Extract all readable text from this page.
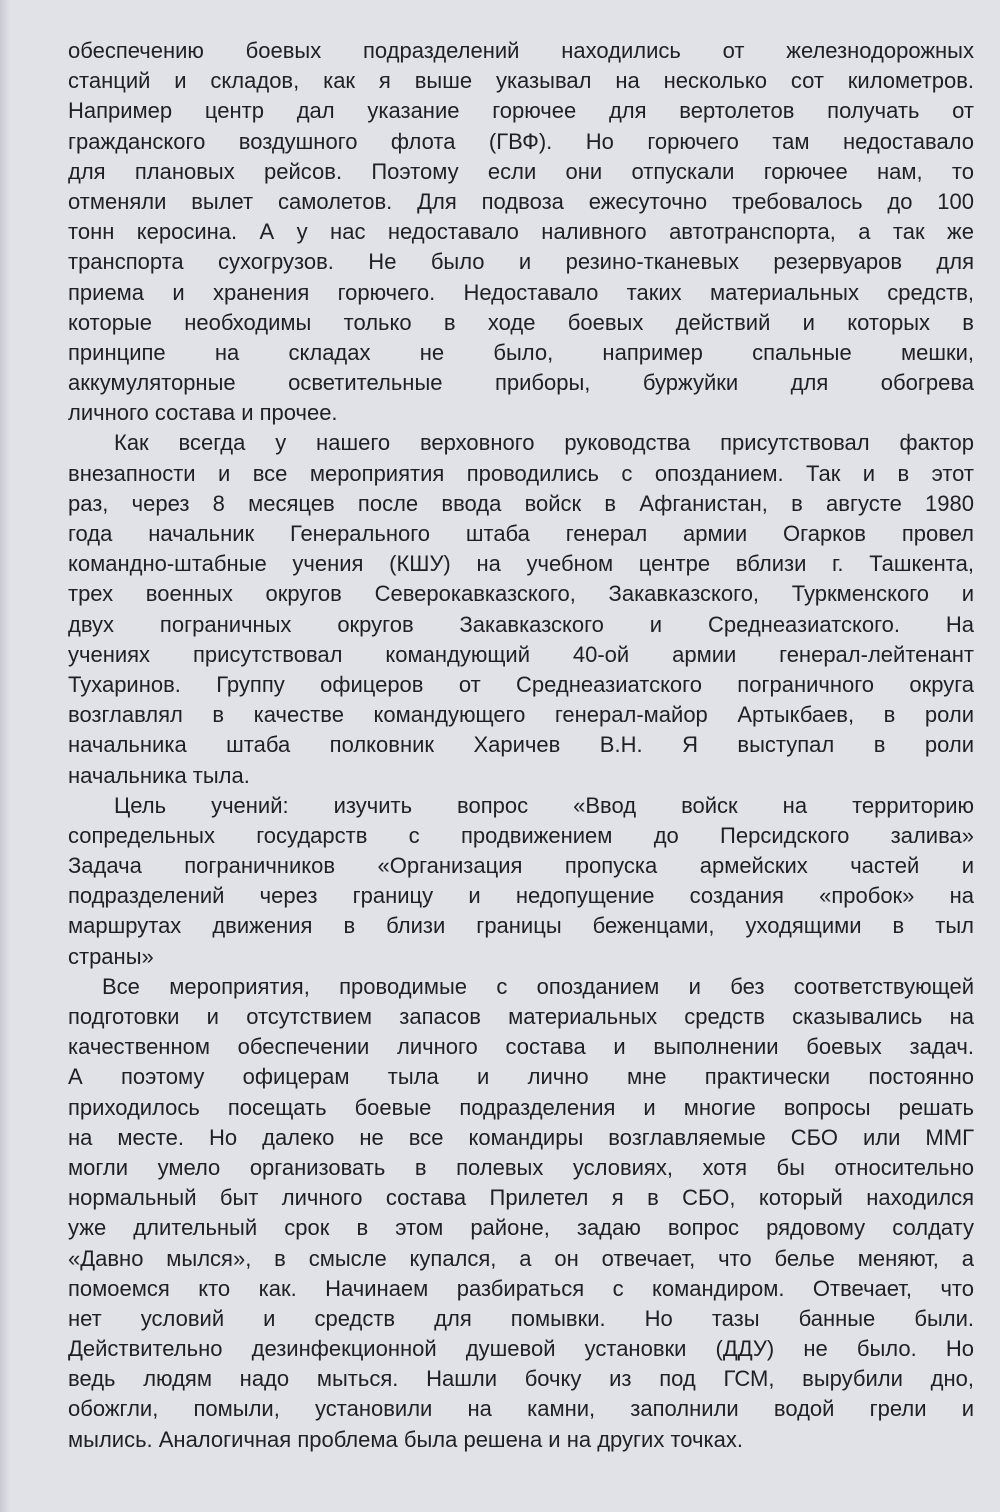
обеспечению боевых подразделений находились от железнодорожных
станций и складов, как я выше указывал на несколько сот километров.
Например центр дал указание горючее для вертолетов получать от
гражданского воздушного флота (ГВФ). Но горючего там недоставало
для плановых рейсов. Поэтому если они отпускали горючее нам, то
отменяли вылет самолетов. Для подвоза ежесуточно требовалось до 100
тонн керосина. А у нас недоставало наливного автотранспорта, а так же
транспорта сухогрузов. Не было и резино-тканевых резервуаров для
приема и хранения горючего. Недоставало таких материальных средств,
которые необходимы только в ходе боевых действий и которых в
принципе на складах не было, например спальные мешки,
аккумуляторные осветительные приборы, буржуйки для обогрева
личного состава и прочее.
Как всегда у нашего верховного руководства присутствовал фактор
внезапности и все мероприятия проводились с опозданием. Так и в этот
раз, через 8 месяцев после ввода войск в Афганистан, в августе 1980
года начальник Генерального штаба генерал армии Огарков провел
командно-штабные учения (КШУ) на учебном центре вблизи г. Ташкента,
трех военных округов Северокавказского, Закавказского, Туркменского и
двух пограничных округов Закавказского и Среднеазиатского. На
учениях присутствовал командующий 40-ой армии генерал-лейтенант
Тухаринов. Группу офицеров от Среднеазиатского пограничного округа
возглавлял в качестве командующего генерал-майор Артыкбаев, в роли
начальника штаба полковник Харичев В.Н. Я выступал в роли
начальника тыла.
Цель учений: изучить вопрос «Ввод войск на территорию
сопредельных государств с продвижением до Персидского залива»
Задача пограничников «Организация пропуска армейских частей и
подразделений через границу и недопущение создания «пробок» на
маршрутах движения в близи границы беженцами, уходящими в тыл
страны»
Все мероприятия, проводимые с опозданием и без соответствующей
подготовки и отсутствием запасов материальных средств сказывались на
качественном обеспечении личного состава и выполнении боевых задач.
А поэтому офицерам тыла и лично мне практически постоянно
приходилось посещать боевые подразделения и многие вопросы решать
на месте. Но далеко не все командиры возглавляемые СБО или ММГ
могли умело организовать в полевых условиях, хотя бы относительно
нормальный быт личного состава Прилетел я в СБО, который находился
уже длительный срок в этом районе, задаю вопрос рядовому солдату
«Давно мылся», в смысле купался, а он отвечает, что белье меняют, а
помоемся кто как. Начинаем разбираться с командиром. Отвечает, что
нет условий и средств для помывки. Но тазы банные были.
Действительно дезинфекционной душевой установки (ДДУ) не было. Но
ведь людям надо мыться. Нашли бочку из под ГСМ, вырубили дно,
обожгли, помыли, установили на камни, заполнили водой грели и
мылись. Аналогичная проблема была решена и на других точках.
